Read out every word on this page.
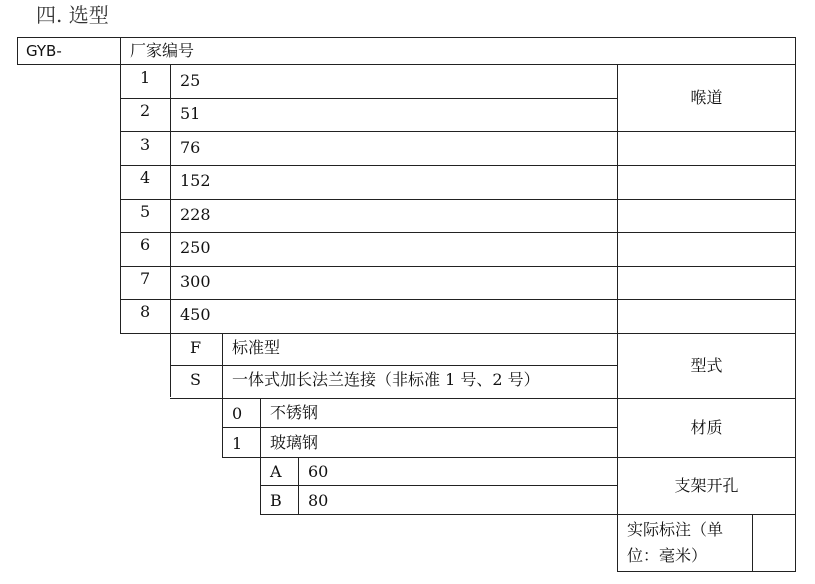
四. 选型
GYB-	厂家编号
1 25
2 51
3 76
4 152
5 228
6 250
7 300
8 450
喉道
F 标准型
S 一体式加长法兰连接（非标准 1 号、2 号）
型式
0 不锈钢
1 玻璃钢
材质
A 60
B 80
支架开孔
实际标注（单位：毫米）
